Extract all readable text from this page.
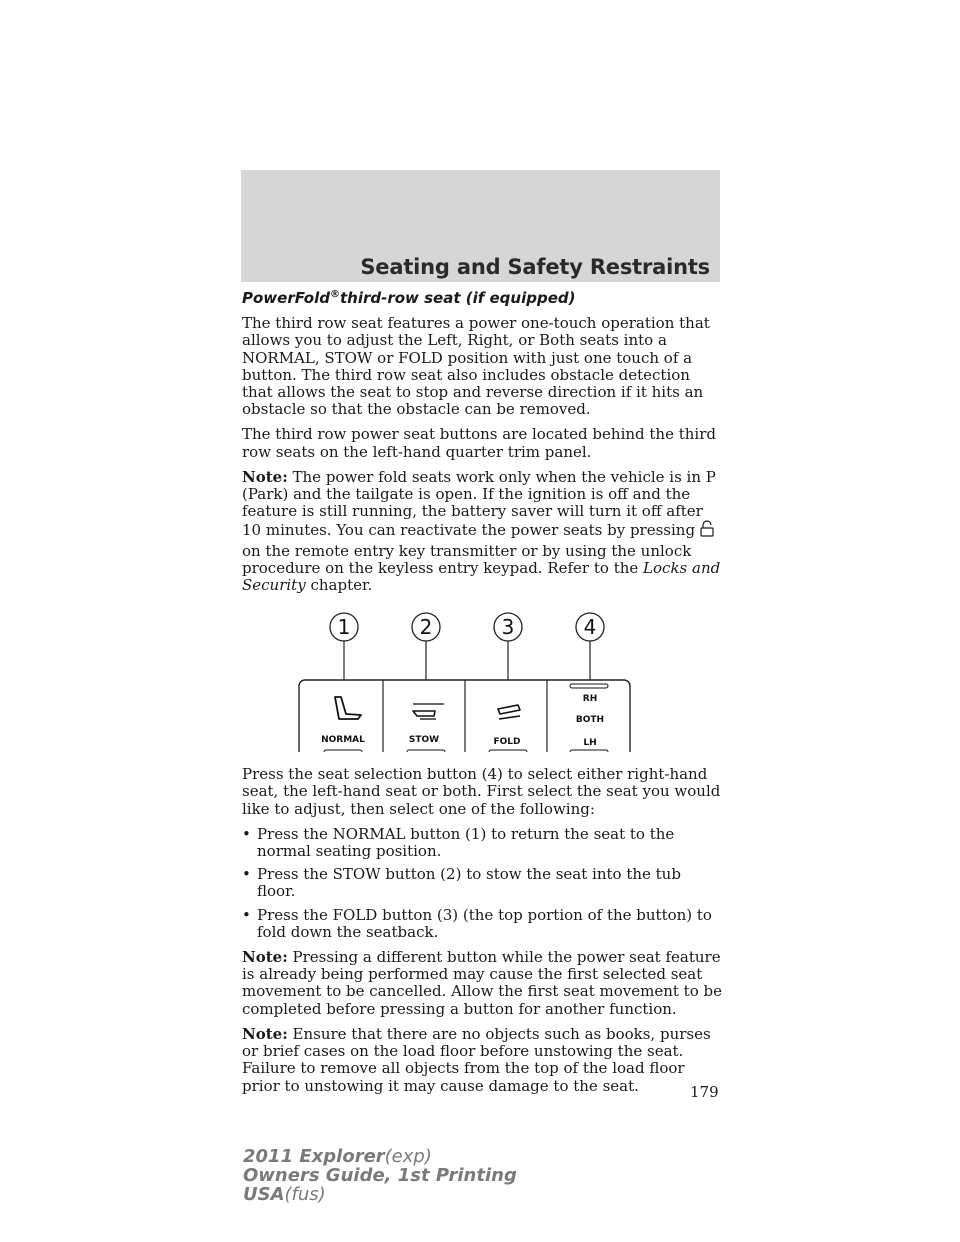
Seating and Safety Restraints
PowerFold®third-row seat (if equipped)

The third row seat features a power one-touch operation that allows you to adjust the Left, Right, or Both seats into a NORMAL, STOW or FOLD position with just one touch of a button. The third row seat also includes obstacle detection that allows the seat to stop and reverse direction if it hits an obstacle so that the obstacle can be removed.

The third row power seat buttons are located behind the third row seats on the left-hand quarter trim panel.

Note: The power fold seats work only when the vehicle is in P (Park) and the tailgate is open. If the ignition is off and the feature is still running, the battery saver will turn it off after 10 minutes. You can reactivate the power seats by pressingon the remote entry key transmitter or by using the unlock procedure on the keyless entry keypad. Refer to the Locks and Security chapter.

1	2	3	4
NORMAL	STOW	FOLD
RH
BOTH
LH

Press the seat selection button (4) to select either right-hand seat, the left-hand seat or both. First select the seat you would like to adjust, then select one of the following:

• Press the NORMAL button (1) to return the seat to the normal seating position.
• Press the STOW button (2) to stow the seat into the tub floor.
• Press the FOLD button (3) (the top portion of the button) to fold down the seatback.

Note: Pressing a different button while the power seat feature is already being performed may cause the first selected seat movement to be cancelled. Allow the first seat movement to be completed before pressing a button for another function.

Note: Ensure that there are no objects such as books, purses or brief cases on the load floor before unstowing the seat. Failure to remove all objects from the top of the load floor prior to unstowing it may cause damage to the seat.	179
2011 Explorer(exp)
Owners Guide, 1st Printing
USA(fus)
